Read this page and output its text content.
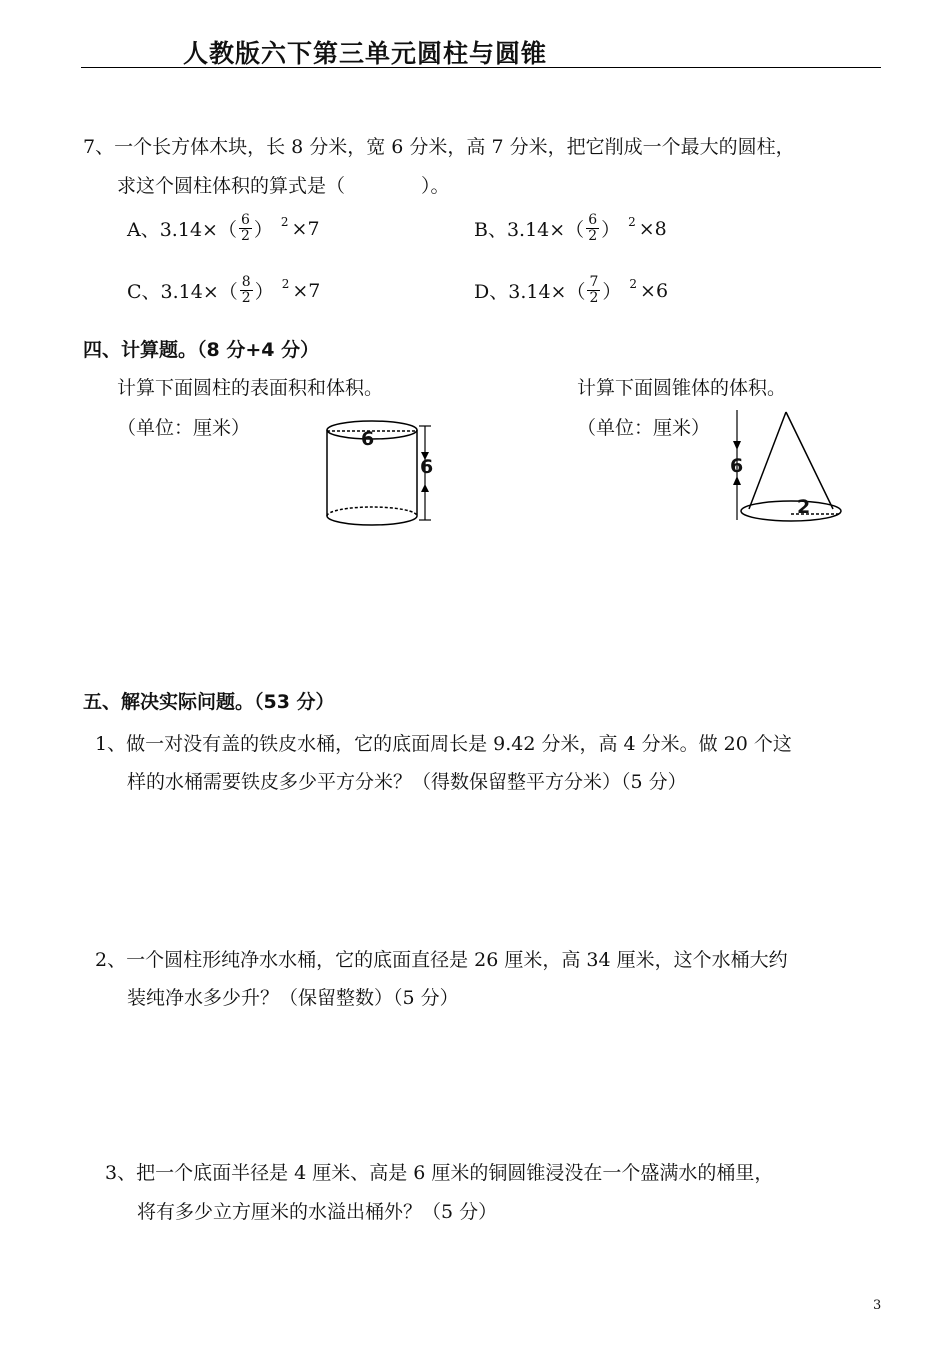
人教版六下第三单元圆柱与圆锥
7、一个长方体木块，长 8 分米，宽 6 分米，高 7 分米，把它削成一个最大的圆柱，
求这个圆柱体积的算式是（　　　　）。
A、$3.14\times( \frac{6}{2}$ ） 2 ×7	B、$3.14\times( \frac{6}{2}$ ） 2 ×8
C、$3.14\times( \frac{8}{2}$ ） 2 ×7	D、$3.14\times( \frac{7}{2}$ ） 2 ×6
四、计算题。（8 分+4 分）
计算下面圆柱的表面积和体积。
（单位：厘米）
计算下面圆锥体的体积。
（单位：厘米）
6
6	6
2
五、解决实际问题。（53 分）
1、做一对没有盖的铁皮水桶，它的底面周长是 9.42 分米，高 4 分米。做 20 个这
样的水桶需要铁皮多少平方分米？（得数保留整平方分米）（5 分）
2、一个圆柱形纯净水水桶，它的底面直径是 26 厘米，高 34 厘米，这个水桶大约
装纯净水多少升？（保留整数）（5 分）
3、把一个底面半径是 4 厘米、高是 6 厘米的铜圆锥浸没在一个盛满水的桶里，
将有多少立方厘米的水溢出桶外？（5 分）
3
